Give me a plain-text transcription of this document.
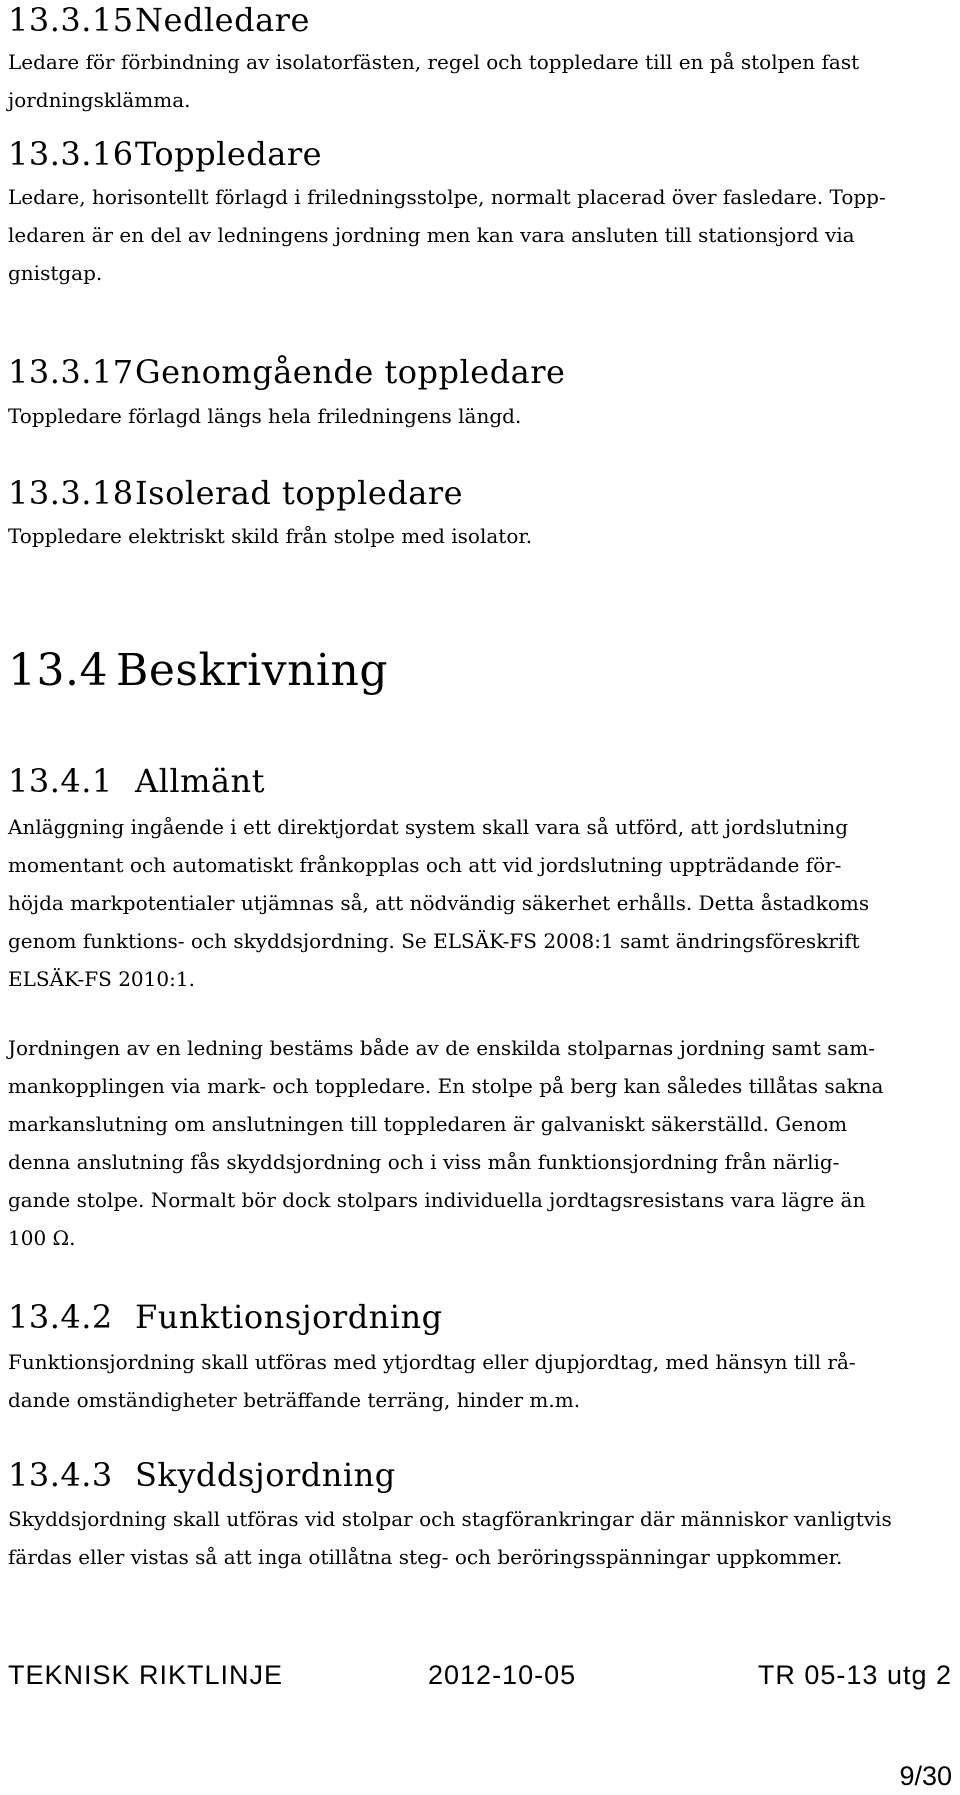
13.3.15Nedledare
Ledare för förbindning av isolatorfästen, regel och toppledare till en på stolpen fast
jordningsklämma.
13.3.16Toppledare
Ledare, horisontellt förlagd i friledningsstolpe, normalt placerad över fasledare. Topp-
ledaren är en del av ledningens jordning men kan vara ansluten till stationsjord via
gnistgap.
13.3.17Genomgående toppledare
Toppledare förlagd längs hela friledningens längd.
13.3.18Isolerad toppledare
Toppledare elektriskt skild från stolpe med isolator.
13.4 Beskrivning
13.4.1 Allmänt
Anläggning ingående i ett direktjordat system skall vara så utförd, att jordslutning
momentant och automatiskt frånkopplas och att vid jordslutning uppträdande för-
höjda markpotentialer utjämnas så, att nödvändig säkerhet erhålls. Detta åstadkoms
genom funktions- och skyddsjordning. Se ELSÄK-FS 2008:1 samt ändringsföreskrift
ELSÄK-FS 2010:1.
Jordningen av en ledning bestäms både av de enskilda stolparnas jordning samt sam-
mankopplingen via mark- och toppledare. En stolpe på berg kan således tillåtas sakna
markanslutning om anslutningen till toppledaren är galvaniskt säkerställd. Genom
denna anslutning fås skyddsjordning och i viss mån funktionsjordning från närlig-
gande stolpe. Normalt bör dock stolpars individuella jordtagsresistans vara lägre än
100 Ω.
13.4.2 Funktionsjordning
Funktionsjordning skall utföras med ytjordtag eller djupjordtag, med hänsyn till rå-
dande omständigheter beträffande terräng, hinder m.m.
13.4.3 Skyddsjordning
Skyddsjordning skall utföras vid stolpar och stagförankringar där människor vanligtvis
färdas eller vistas så att inga otillåtna steg- och beröringsspänningar uppkommer.
TEKNISK RIKTLINJE	2012-10-05	TR 05-13 utg 2
9/30
